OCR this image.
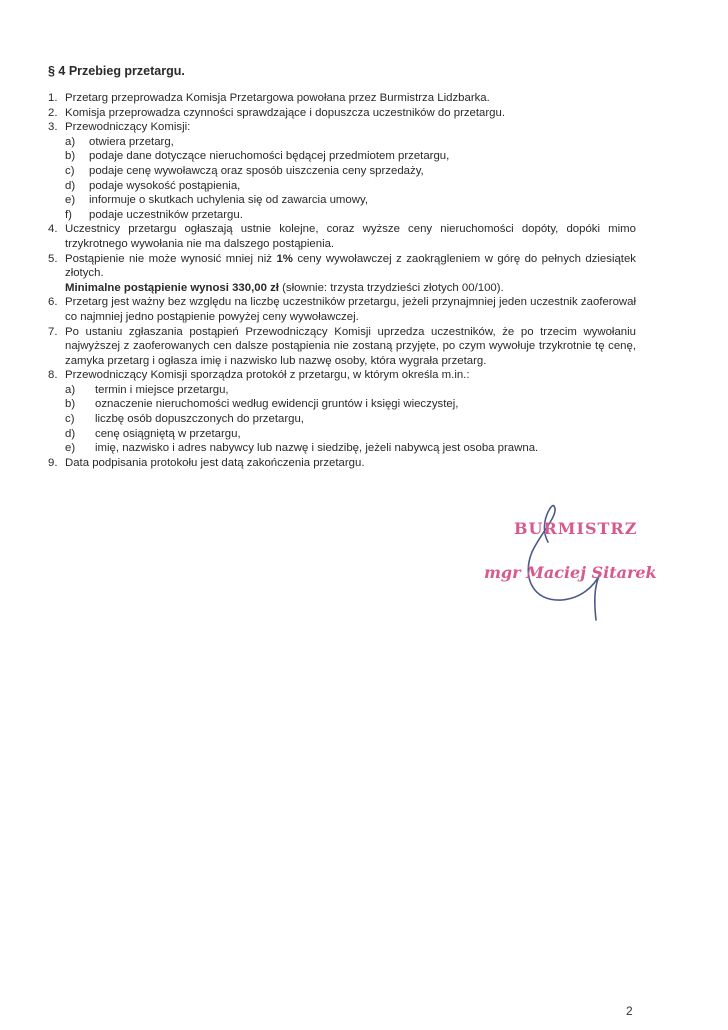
§ 4 Przebieg przetargu.
1. Przetarg przeprowadza Komisja Przetargowa powołana przez Burmistrza Lidzbarka.
2. Komisja przeprowadza czynności sprawdzające i dopuszcza uczestników do przetargu.
3. Przewodniczący Komisji:
a)	otwiera przetarg,
b)	podaje dane dotyczące nieruchomości będącej przedmiotem przetargu,
c)	podaje cenę wywoławczą oraz sposób uiszczenia ceny sprzedaży,
d)	podaje wysokość postąpienia,
e)	informuje o skutkach uchylenia się od zawarcia umowy,
f)	podaje uczestników przetargu.
4. Uczestnicy przetargu ogłaszają ustnie kolejne, coraz wyższe ceny nieruchomości dopóty, dopóki mimo trzykrotnego wywołania nie ma dalszego postąpienia.
5. Postąpienie nie może wynosić mniej niż 1% ceny wywoławczej z zaokrągleniem w górę do pełnych dziesiątek złotych.
Minimalne postąpienie wynosi 330,00 zł (słownie: trzysta trzydzieści złotych 00/100).
6. Przetarg jest ważny bez względu na liczbę uczestników przetargu, jeżeli przynajmniej jeden uczestnik zaoferował co najmniej jedno postąpienie powyżej ceny wywoławczej.
7. Po ustaniu zgłaszania postąpień Przewodniczący Komisji uprzedza uczestników, że po trzecim wywołaniu najwyższej z zaoferowanych cen dalsze postąpienia nie zostaną przyjęte, po czym wywołuje trzykrotnie tę cenę, zamyka przetarg i ogłasza imię i nazwisko lub nazwę osoby, która wygrała przetarg.
8. Przewodniczący Komisji sporządza protokół z przetargu, w którym określa m.in.:
a)	termin i miejsce przetargu,
b)	oznaczenie nieruchomości według ewidencji gruntów i księgi wieczystej,
c)	liczbę osób dopuszczonych do przetargu,
d)	cenę osiągniętą w przetargu,
e)	imię, nazwisko i adres nabywcy lub nazwę i siedzibę, jeżeli nabywcą jest osoba prawna.
9. Data podpisania protokołu jest datą zakończenia przetargu.
BURMISTRZ
mgr Maciej Sitarek
2
